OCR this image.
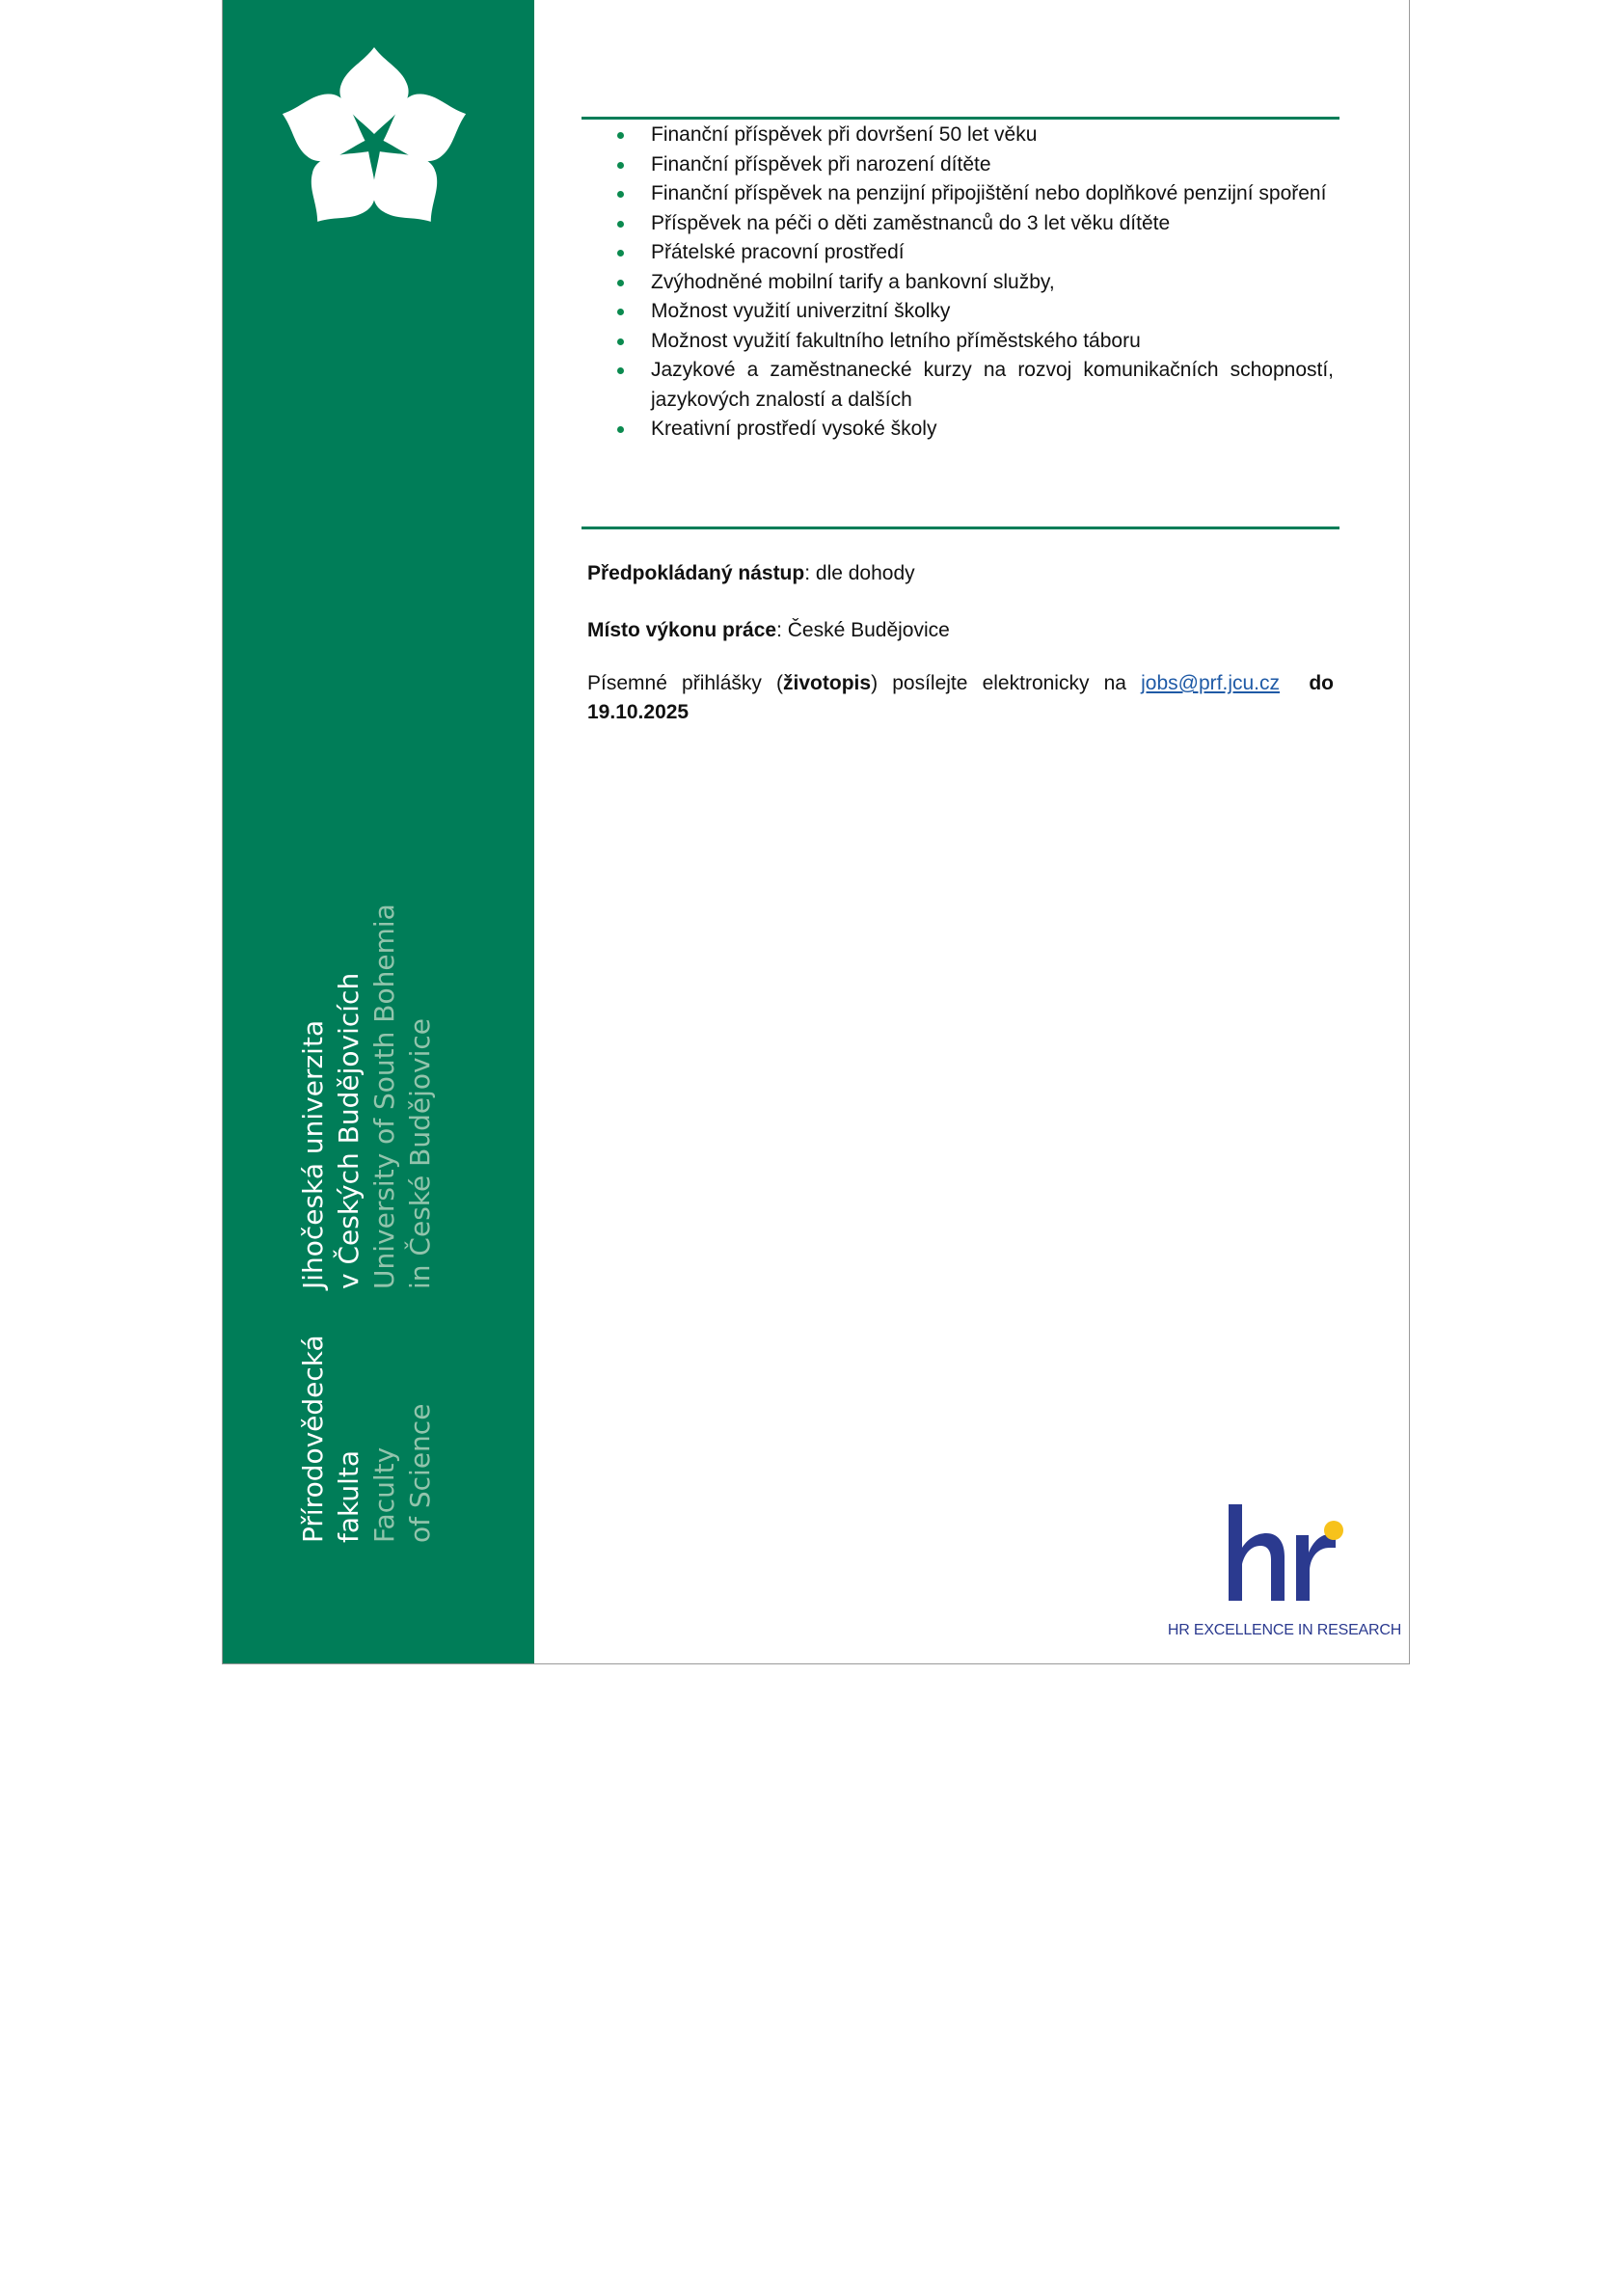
Přírodovědecká fakulta Faculty of Science
Jihočeská univerzita v Českých Budějovicích University of South Bohemia in České Budějovice
Finanční příspěvek při dovršení 50 let věku
Finanční příspěvek při narození dítěte
Finanční příspěvek na penzijní připojištění nebo doplňkové penzijní spoření
Příspěvek na péči o děti zaměstnanců do 3 let věku dítěte
Přátelské pracovní prostředí
Zvýhodněné mobilní tarify a bankovní služby,
Možnost využití univerzitní školky
Možnost využití fakultního letního příměstského táboru
Jazykové a zaměstnanecké kurzy na rozvoj komunikačních schopností, jazykových znalostí a dalších
Kreativní prostředí vysoké školy
Předpokládaný nástup: dle dohody
Místo výkonu práce: České Budějovice
Písemné přihlášky (životopis) posílejte elektronicky na jobs@prf.jcu.cz do 19.10.2025
HR EXCELLENCE IN RESEARCH
